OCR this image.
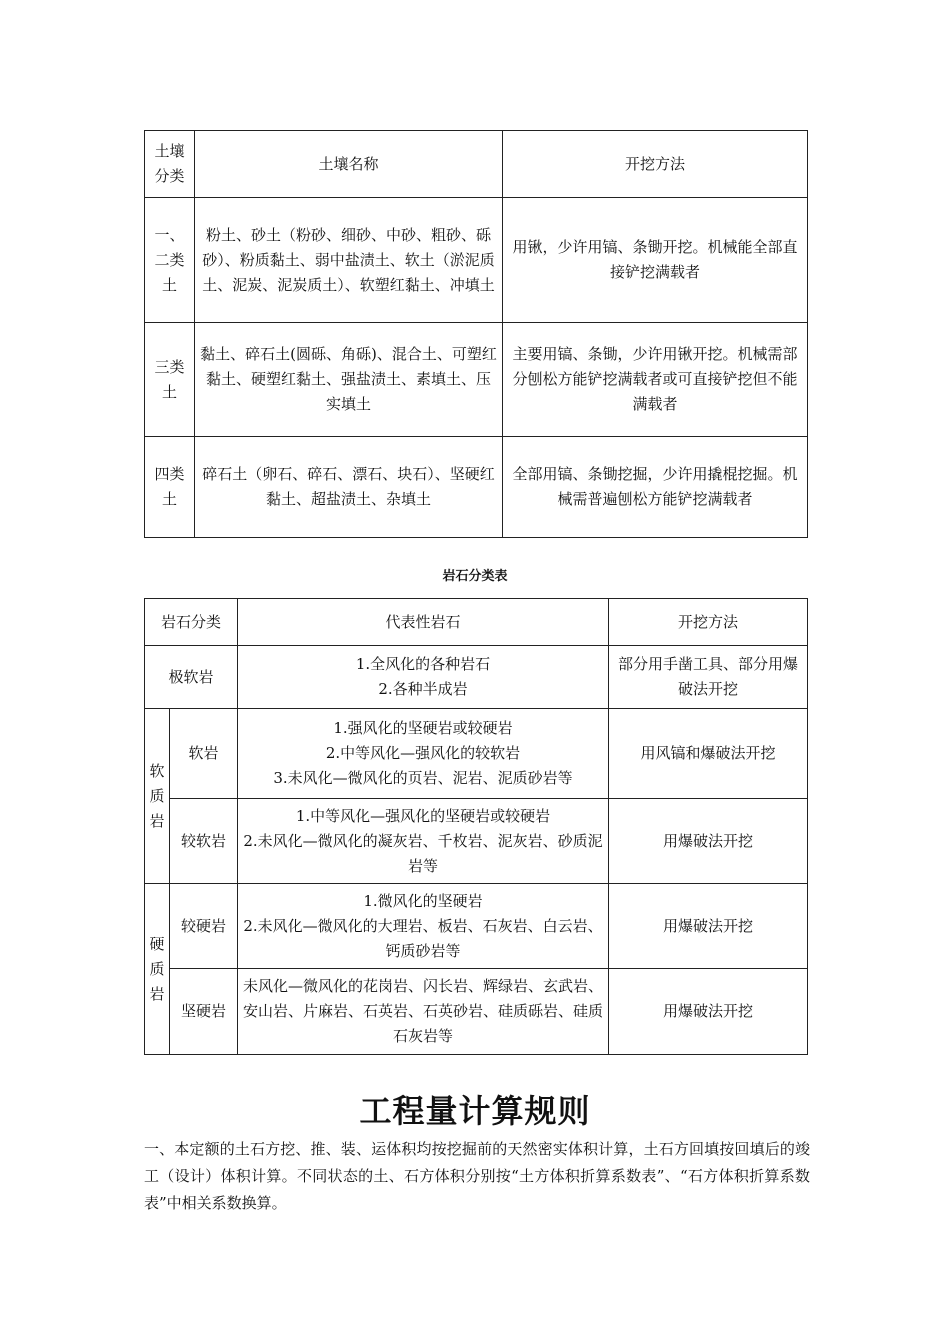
土壤分类	土壤名称	开挖方法
一、二类土	粉土、砂土（粉砂、细砂、中砂、粗砂、砾砂）、粉质黏土、弱中盐渍土、软土（淤泥质土、泥炭、泥炭质土）、软塑红黏土、冲填土	用锹，少许用镐、条锄开挖。机械能全部直接铲挖满载者
三类土	黏土、碎石土(圆砾、角砾)、混合土、可塑红黏土、硬塑红黏土、强盐渍土、素填土、压实填土	主要用镐、条锄，少许用锹开挖。机械需部分刨松方能铲挖满载者或可直接铲挖但不能满载者
四类土	碎石土（卵石、碎石、漂石、块石）、坚硬红黏土、超盐渍土、杂填土	全部用镐、条锄挖掘，少许用撬棍挖掘。机械需普遍刨松方能铲挖满载者
岩石分类表
岩石分类		代表性岩石	开挖方法
极软岩		1.全风化的各种岩石
2.各种半成岩	部分用手凿工具、部分用爆破法开挖

软质岩	软岩	1.强风化的坚硬岩或较硬岩
2.中等风化—强风化的较软岩
3.未风化—微风化的页岩、泥岩、泥质砂岩等	用风镐和爆破法开挖
	较软岩	1.中等风化—强风化的坚硬岩或较硬岩
2.未风化—微风化的凝灰岩、千枚岩、泥灰岩、砂质泥岩等	用爆破法开挖

硬质岩	较硬岩	1.微风化的坚硬岩
2.未风化—微风化的大理岩、板岩、石灰岩、白云岩、钙质砂岩等	用爆破法开挖
	坚硬岩	未风化—微风化的花岗岩、闪长岩、辉绿岩、玄武岩、安山岩、片麻岩、石英岩、石英砂岩、硅质砾岩、硅质石灰岩等	用爆破法开挖
工程量计算规则
一、本定额的土石方挖、推、装、运体积均按挖掘前的天然密实体积计算，土石方回填按回填后的竣工（设计）体积计算。不同状态的土、石方体积分别按“土方体积折算系数表”、“石方体积折算系数表”中相关系数换算。
